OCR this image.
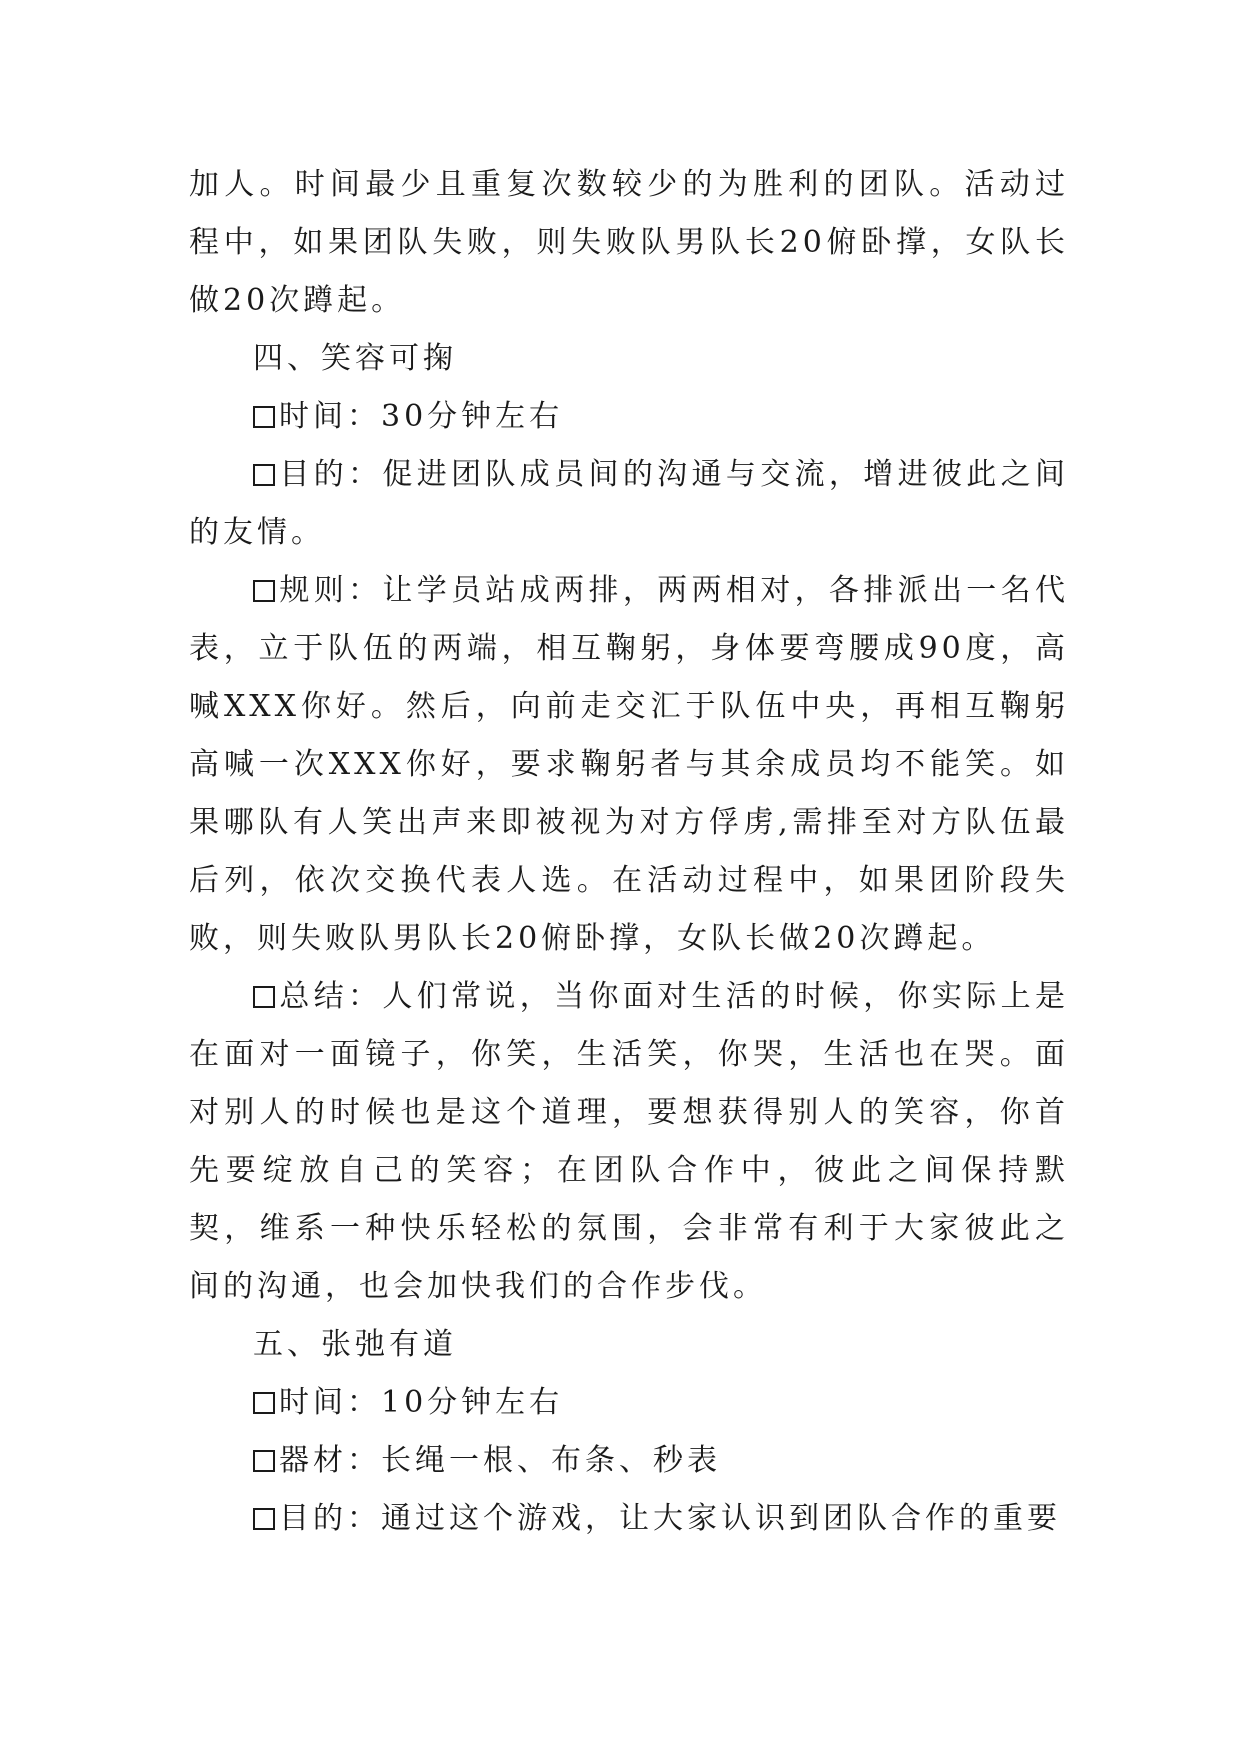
加人。时间最少且重复次数较少的为胜利的团队。活动过程中，如果团队失败，则失败队男队长20俯卧撑，女队长做20次蹲起。

四、笑容可掬

时间：30分钟左右

目的：促进团队成员间的沟通与交流，增进彼此之间的友情。

规则：让学员站成两排，两两相对，各排派出一名代表，立于队伍的两端，相互鞠躬，身体要弯腰成90度，高喊XXX你好。然后，向前走交汇于队伍中央，再相互鞠躬高喊一次XXX你好，要求鞠躬者与其余成员均不能笑。如果哪队有人笑出声来即被视为对方俘虏,需排至对方队伍最后列，依次交换代表人选。在活动过程中，如果团阶段失败，则失败队男队长20俯卧撑，女队长做20次蹲起。

总结：人们常说，当你面对生活的时候，你实际上是在面对一面镜子，你笑，生活笑，你哭，生活也在哭。面对别人的时候也是这个道理，要想获得别人的笑容，你首先要绽放自己的笑容；在团队合作中，彼此之间保持默契，维系一种快乐轻松的氛围，会非常有利于大家彼此之间的沟通，也会加快我们的合作步伐。

五、张弛有道

时间：10分钟左右

器材：长绳一根、布条、秒表

目的：通过这个游戏，让大家认识到团队合作的重要
